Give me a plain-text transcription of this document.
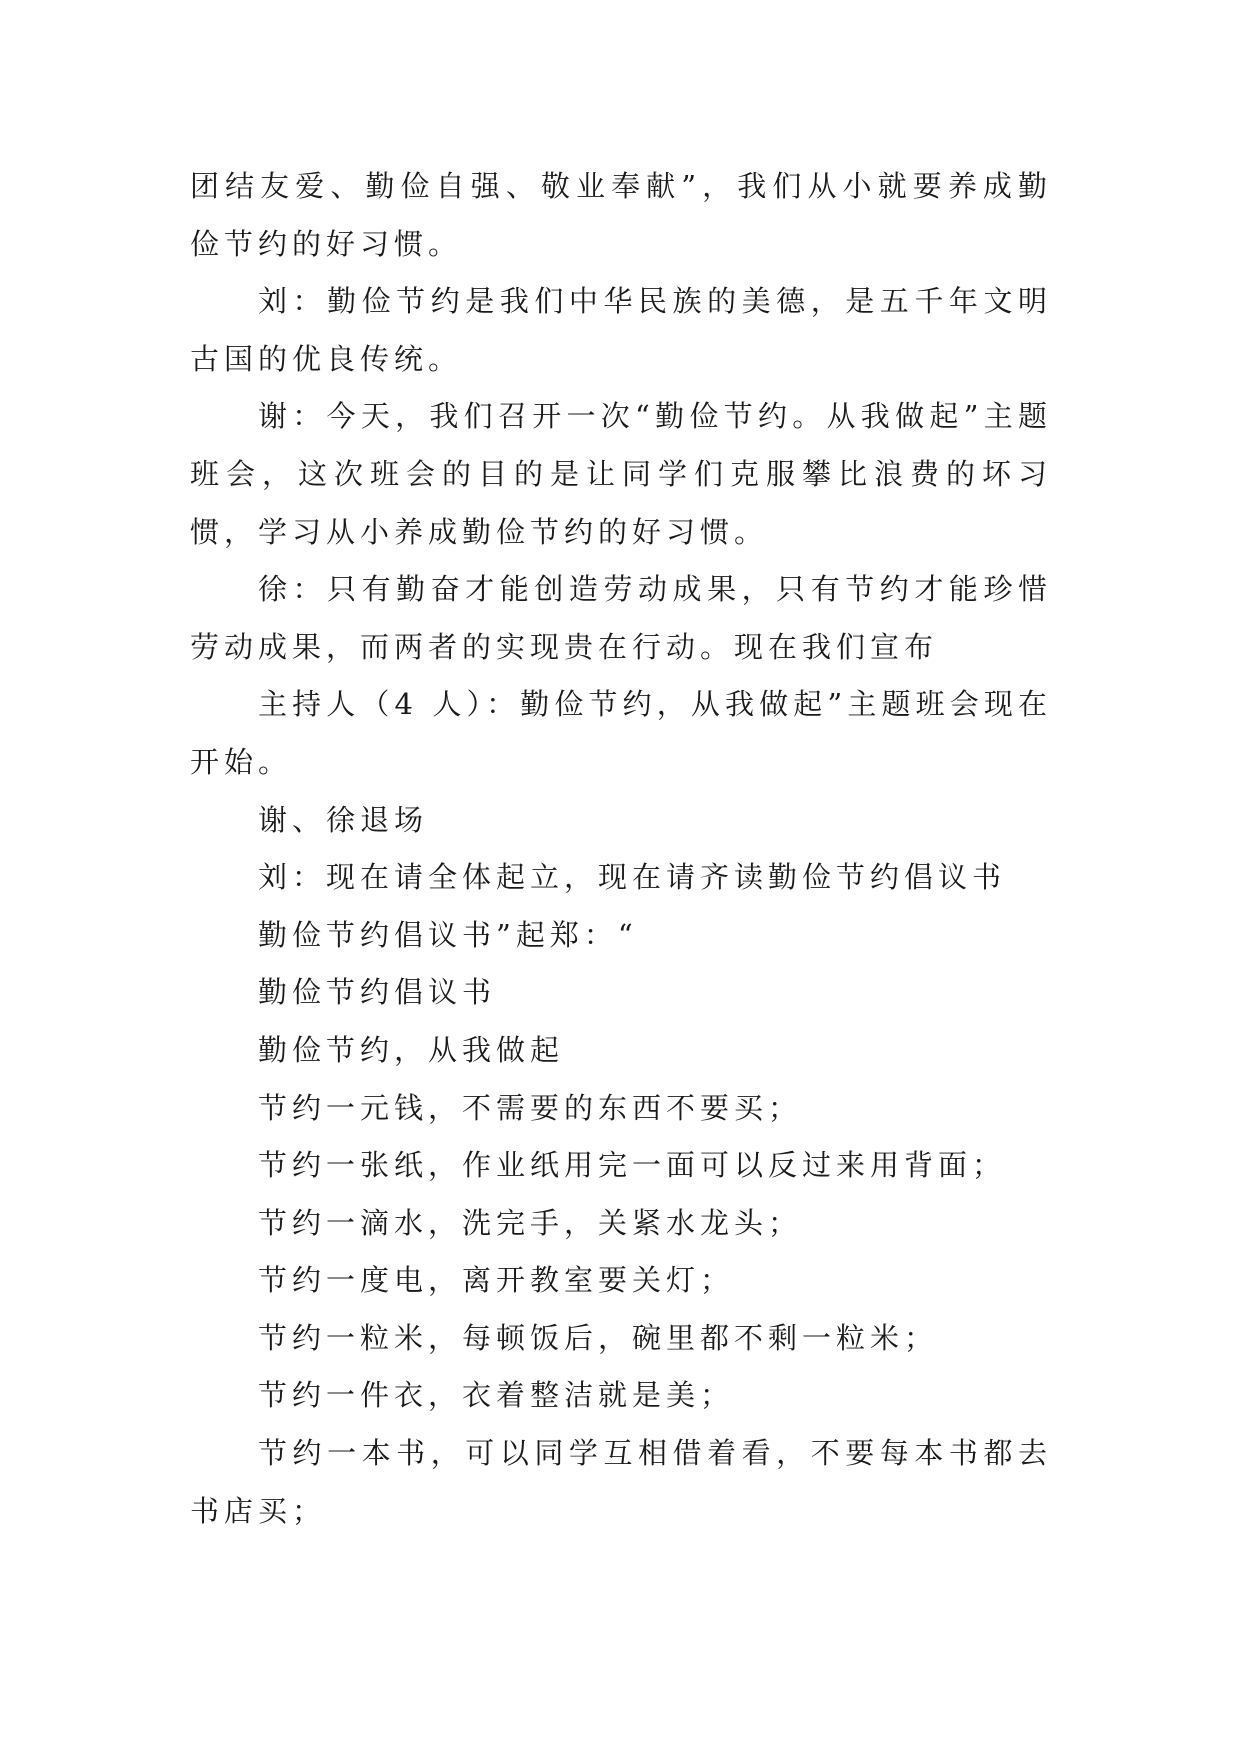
团结友爱、勤俭自强、敬业奉献”，我们从小就要养成勤俭节约的好习惯。

刘：勤俭节约是我们中华民族的美德，是五千年文明古国的优良传统。

谢：今天，我们召开一次“勤俭节约。从我做起”主题班会，这次班会的目的是让同学们克服攀比浪费的坏习惯，学习从小养成勤俭节约的好习惯。

徐：只有勤奋才能创造劳动成果，只有节约才能珍惜劳动成果，而两者的实现贵在行动。现在我们宣布

主持人（4 人）：勤俭节约，从我做起”主题班会现在开始。

谢、徐退场

刘：现在请全体起立，现在请齐读勤俭节约倡议书

勤俭节约倡议书”起郑：“

勤俭节约倡议书

勤俭节约，从我做起

节约一元钱，不需要的东西不要买；

节约一张纸，作业纸用完一面可以反过来用背面；

节约一滴水，洗完手，关紧水龙头；

节约一度电，离开教室要关灯；

节约一粒米，每顿饭后，碗里都不剩一粒米；

节约一件衣，衣着整洁就是美；

节约一本书，可以同学互相借着看，不要每本书都去书店买；
